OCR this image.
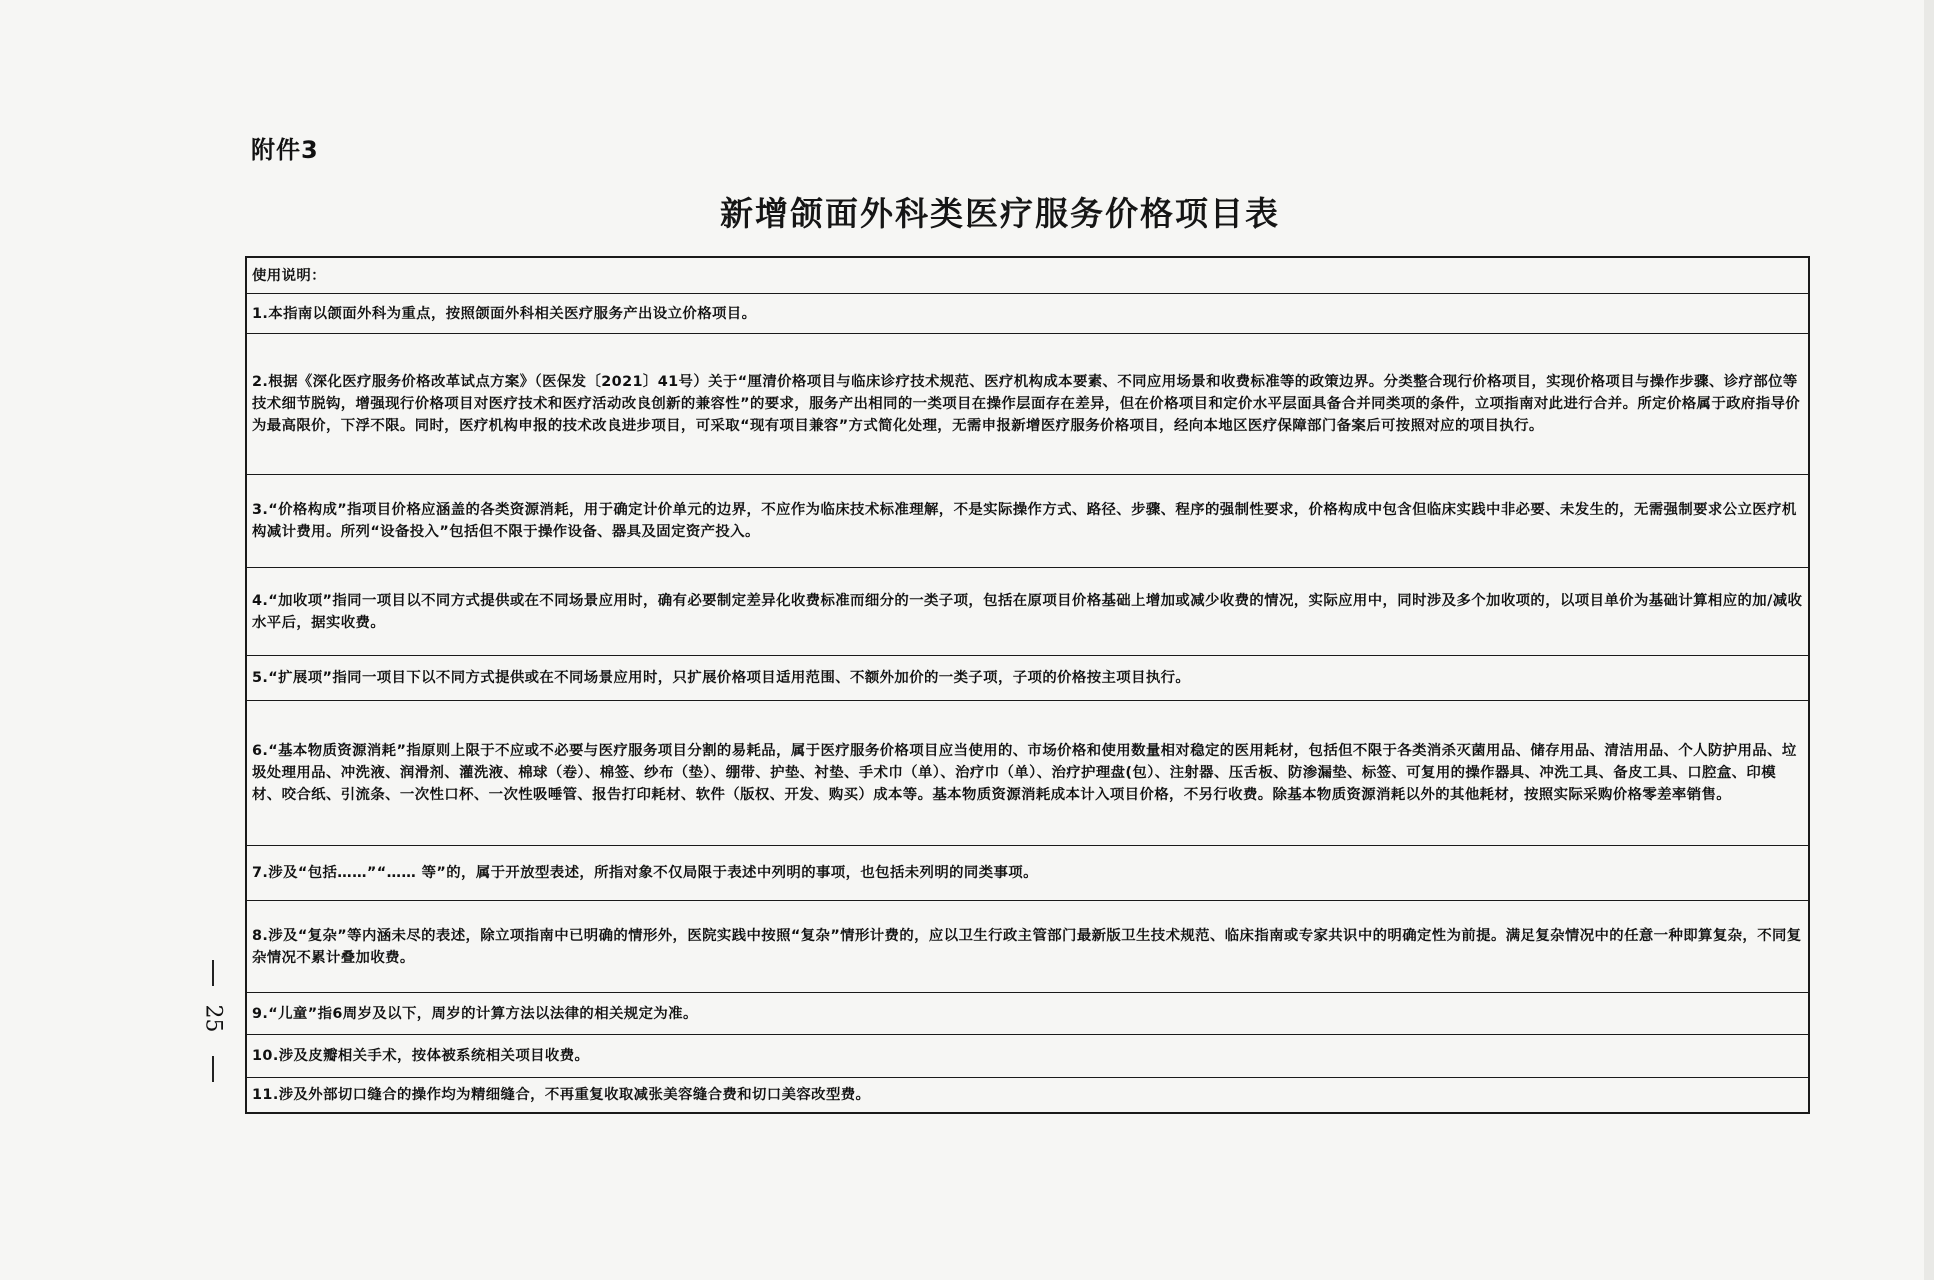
附件3
新增颌面外科类医疗服务价格项目表
使用说明：
1.本指南以颌面外科为重点，按照颌面外科相关医疗服务产出设立价格项目。
2.根据《深化医疗服务价格改革试点方案》（医保发〔2021〕41号）关于“厘清价格项目与临床诊疗技术规范、医疗机构成本要素、不同应用场景和收费标准等的政策边界。分类整合现行价格项目，实现价格项目与操作步骤、诊疗部位等技术细节脱钩，增强现行价格项目对医疗技术和医疗活动改良创新的兼容性”的要求，服务产出相同的一类项目在操作层面存在差异，但在价格项目和定价水平层面具备合并同类项的条件，立项指南对此进行合并。所定价格属于政府指导价为最高限价，下浮不限。同时，医疗机构申报的技术改良进步项目，可采取“现有项目兼容”方式简化处理，无需申报新增医疗服务价格项目，经向本地区医疗保障部门备案后可按照对应的项目执行。
3.“价格构成”指项目价格应涵盖的各类资源消耗，用于确定计价单元的边界，不应作为临床技术标准理解，不是实际操作方式、路径、步骤、程序的强制性要求，价格构成中包含但临床实践中非必要、未发生的，无需强制要求公立医疗机构减计费用。所列“设备投入”包括但不限于操作设备、器具及固定资产投入。
4.“加收项”指同一项目以不同方式提供或在不同场景应用时，确有必要制定差异化收费标准而细分的一类子项，包括在原项目价格基础上增加或减少收费的情况，实际应用中，同时涉及多个加收项的，以项目单价为基础计算相应的加/减收水平后，据实收费。
5.“扩展项”指同一项目下以不同方式提供或在不同场景应用时，只扩展价格项目适用范围、不额外加价的一类子项，子项的价格按主项目执行。
6.“基本物质资源消耗”指原则上限于不应或不必要与医疗服务项目分割的易耗品，属于医疗服务价格项目应当使用的、市场价格和使用数量相对稳定的医用耗材，包括但不限于各类消杀灭菌用品、储存用品、清洁用品、个人防护用品、垃圾处理用品、冲洗液、润滑剂、灌洗液、棉球（卷）、棉签、纱布（垫）、绷带、护垫、衬垫、手术巾（单）、治疗巾（单）、治疗护理盘(包）、注射器、压舌板、防渗漏垫、标签、可复用的操作器具、冲洗工具、备皮工具、口腔盒、印模材、咬合纸、引流条、一次性口杯、一次性吸唾管、报告打印耗材、软件（版权、开发、购买）成本等。基本物质资源消耗成本计入项目价格，不另行收费。除基本物质资源消耗以外的其他耗材，按照实际采购价格零差率销售。
7.涉及“包括……”“…… 等”的，属于开放型表述，所指对象不仅局限于表述中列明的事项，也包括未列明的同类事项。
8.涉及“复杂”等内涵未尽的表述，除立项指南中已明确的情形外，医院实践中按照“复杂”情形计费的，应以卫生行政主管部门最新版卫生技术规范、临床指南或专家共识中的明确定性为前提。满足复杂情况中的任意一种即算复杂，不同复杂情况不累计叠加收费。
9.“儿童”指6周岁及以下，周岁的计算方法以法律的相关规定为准。
10.涉及皮瓣相关手术，按体被系统相关项目收费。
11.涉及外部切口缝合的操作均为精细缝合，不再重复收取减张美容缝合费和切口美容改型费。
25
